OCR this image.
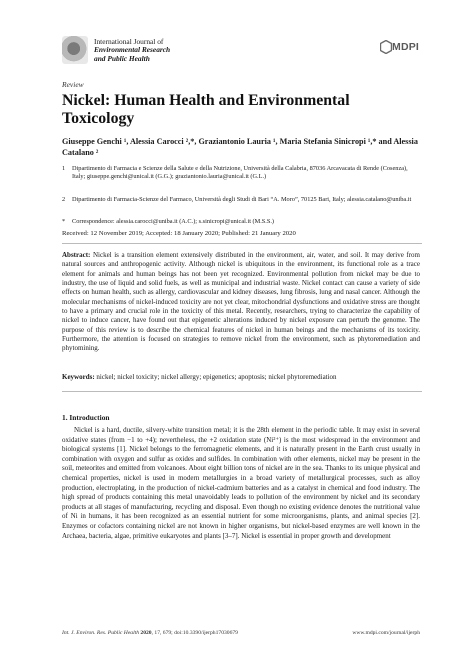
International Journal of
Environmental Research
and Public Health
MDPI
Review
Nickel: Human Health and Environmental Toxicology
Giuseppe Genchi ¹, Alessia Carocci ²,*, Graziantonio Lauria ¹, Maria Stefania Sinicropi ¹,* and Alessia Catalano ²
1	Dipartimento di Farmacia e Scienze della Salute e della Nutrizione, Università della Calabria, 87036 Arcavacata di Rende (Cosenza), Italy; giuseppe.genchi@unical.it (G.G.); graziantonio.lauria@unical.it (G.L.)
2	Dipartimento di Farmacia-Scienze del Farmaco, Università degli Studi di Bari “A. Moro”, 70125 Bari, Italy; alessia.catalano@uniba.it
*	Correspondence: alessia.carocci@uniba.it (A.C.); s.sinicropi@unical.it (M.S.S.)
Received: 12 November 2019; Accepted: 18 January 2020; Published: 21 January 2020
Abstract: Nickel is a transition element extensively distributed in the environment, air, water, and soil. It may derive from natural sources and anthropogenic activity. Although nickel is ubiquitous in the environment, its functional role as a trace element for animals and human beings has not been yet recognized. Environmental pollution from nickel may be due to industry, the use of liquid and solid fuels, as well as municipal and industrial waste. Nickel contact can cause a variety of side effects on human health, such as allergy, cardiovascular and kidney diseases, lung fibrosis, lung and nasal cancer. Although the molecular mechanisms of nickel-induced toxicity are not yet clear, mitochondrial dysfunctions and oxidative stress are thought to have a primary and crucial role in the toxicity of this metal. Recently, researchers, trying to characterize the capability of nickel to induce cancer, have found out that epigenetic alterations induced by nickel exposure can perturb the genome. The purpose of this review is to describe the chemical features of nickel in human beings and the mechanisms of its toxicity. Furthermore, the attention is focused on strategies to remove nickel from the environment, such as phytoremediation and phytomining.
Keywords: nickel; nickel toxicity; nickel allergy; epigenetics; apoptosis; nickel phytoremediation
1. Introduction
Nickel is a hard, ductile, silvery-white transition metal; it is the 28th element in the periodic table. It may exist in several oxidative states (from −1 to +4); nevertheless, the +2 oxidation state (Ni²⁺) is the most widespread in the environment and biological systems [1]. Nickel belongs to the ferromagnetic elements, and it is naturally present in the Earth crust usually in combination with oxygen and sulfur as oxides and sulfides. In combination with other elements, nickel may be present in the soil, meteorites and emitted from volcanoes. About eight billion tons of nickel are in the sea. Thanks to its unique physical and chemical properties, nickel is used in modern metallurgies in a broad variety of metallurgical processes, such as alloy production, electroplating, in the production of nickel-cadmium batteries and as a catalyst in chemical and food industry. The high spread of products containing this metal unavoidably leads to pollution of the environment by nickel and its secondary products at all stages of manufacturing, recycling and disposal. Even though no existing evidence denotes the nutritional value of Ni in humans, it has been recognized as an essential nutrient for some microorganisms, plants, and animal species [2]. Enzymes or cofactors containing nickel are not known in higher organisms, but nickel-based enzymes are well known in the Archaea, bacteria, algae, primitive eukaryotes and plants [3–7]. Nickel is essential in proper growth and development
Int. J. Environ. Res. Public Health 2020, 17, 679; doi:10.3390/ijerph17030679	www.mdpi.com/journal/ijerph
